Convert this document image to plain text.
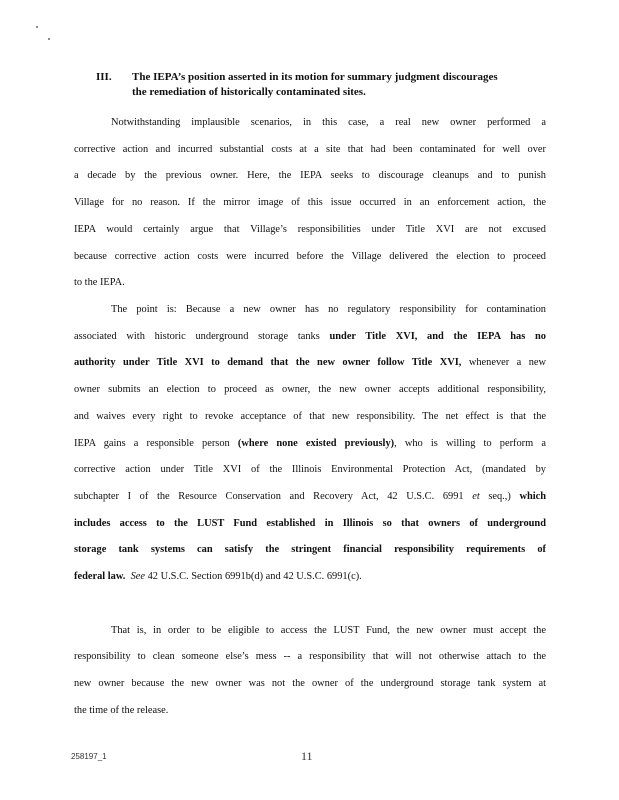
III. The IEPA’s position asserted in its motion for summary judgment discourages
the remediation of historically contaminated sites.
Notwithstanding implausible scenarios, in this case, a real new owner performed a
corrective action and incurred substantial costs at a site that had been contaminated for well over
a decade by the previous owner. Here, the IEPA seeks to discourage cleanups and to punish
Village for no reason. If the mirror image of this issue occurred in an enforcement action, the
IEPA would certainly argue that Village’s responsibilities under Title XVI are not excused
because corrective action costs were incurred before the Village delivered the election to proceed
to the IEPA.
The point is: Because a new owner has no regulatory responsibility for contamination
associated with historic underground storage tanks under Title XVI, and the IEPA has no
authority under Title XVI to demand that the new owner follow Title XVI, whenever a new
owner submits an election to proceed as owner, the new owner accepts additional responsibility,
and waives every right to revoke acceptance of that new responsibility. The net effect is that the
IEPA gains a responsible person (where none existed previously), who is willing to perform a
corrective action under Title XVI of the Illinois Environmental Protection Act, (mandated by
subchapter I of the Resource Conservation and Recovery Act, 42 U.S.C. 6991 et seq.,) which
includes access to the LUST Fund established in Illinois so that owners of underground
storage tank systems can satisfy the stringent financial responsibility requirements of
federal law. See 42 U.S.C. Section 6991b(d) and 42 U.S.C. 6991(c).
That is, in order to be eligible to access the LUST Fund, the new owner must accept the
responsibility to clean someone else’s mess -- a responsibility that will not otherwise attach to the
new owner because the new owner was not the owner of the underground storage tank system at
the time of the release.
258197_1	11
